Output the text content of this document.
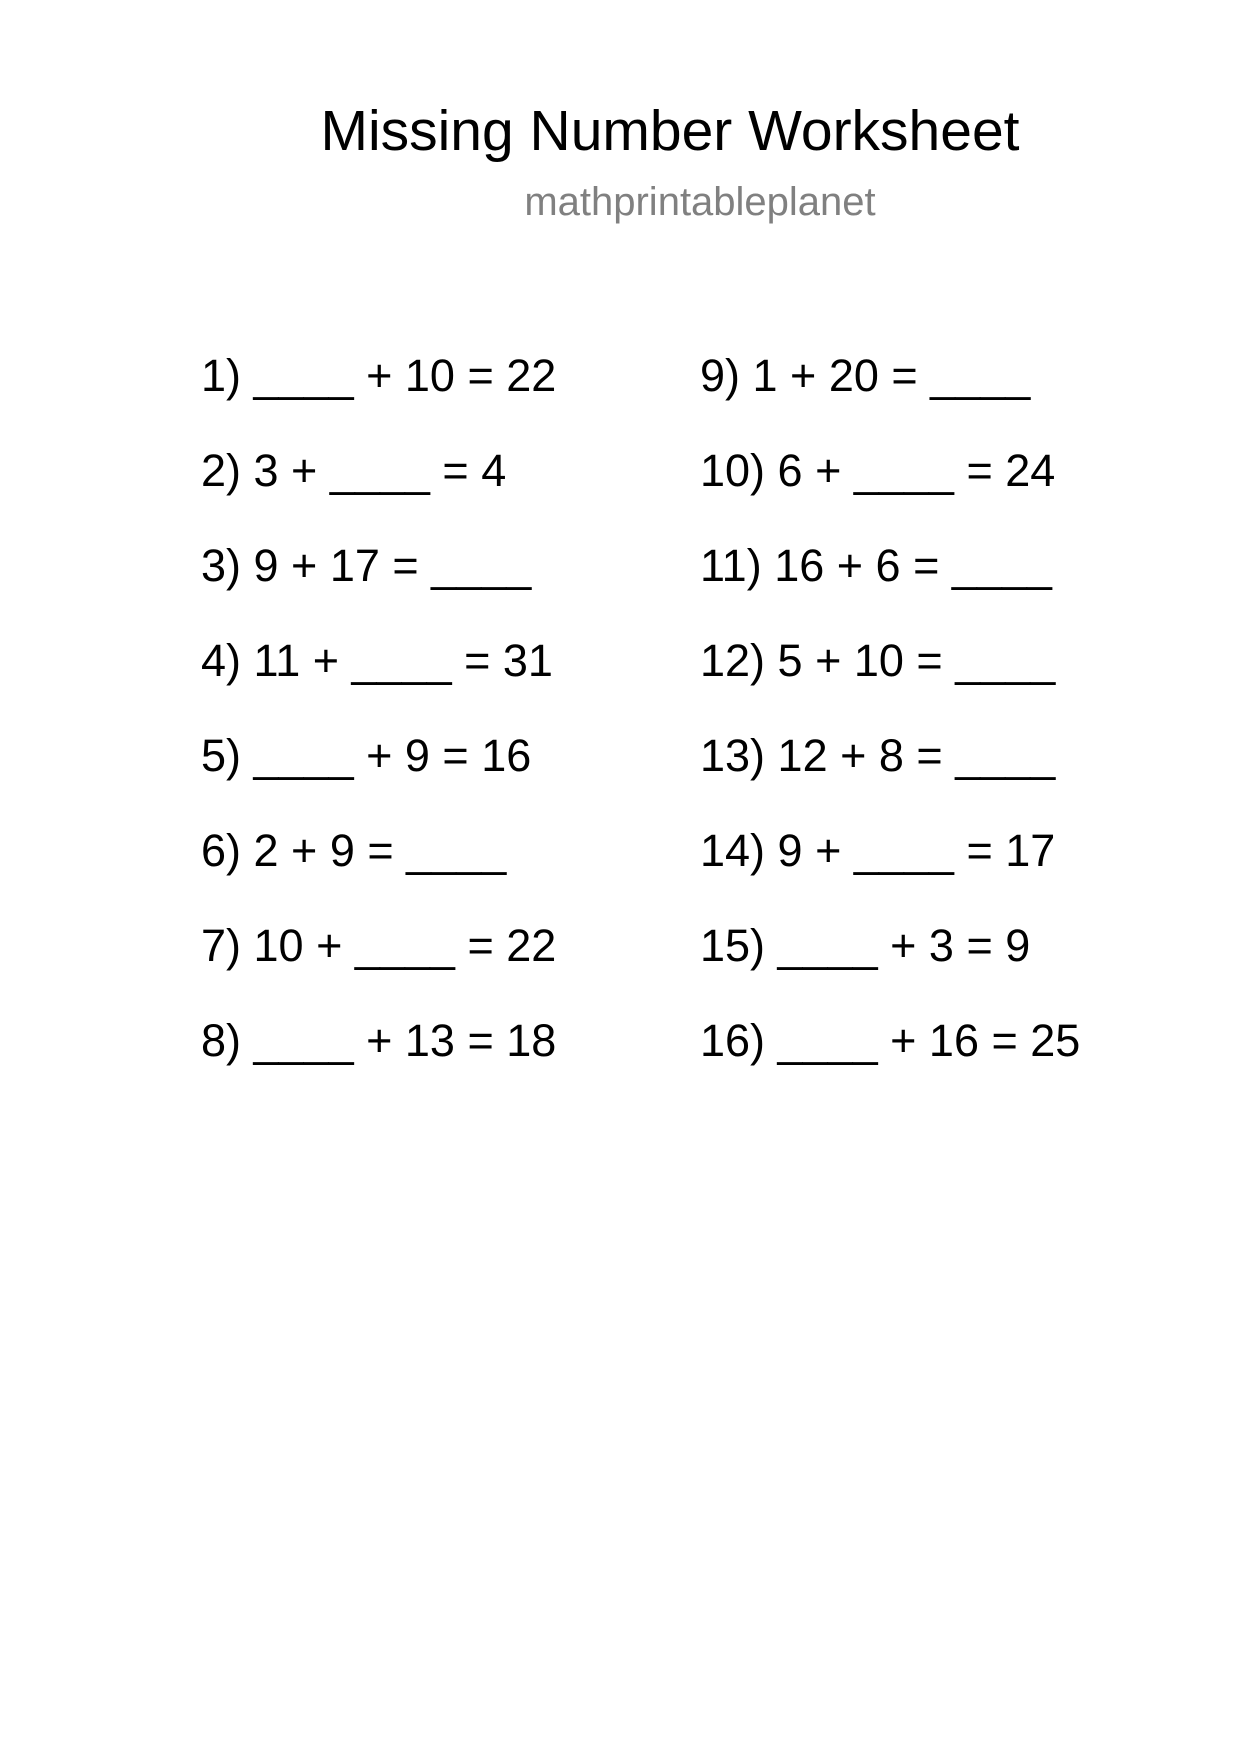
Missing Number Worksheet
mathprintableplanet
1) ____ + 10 = 22
2) 3 + ____ = 4
3) 9 + 17 = ____
4) 11 + ____ = 31
5) ____ + 9 = 16
6) 2 + 9 = ____
7) 10 + ____ = 22
8) ____ + 13 = 18
9) 1 + 20 = ____
10) 6 + ____ = 24
11) 16 + 6 = ____
12) 5 + 10 = ____
13) 12 + 8 = ____
14) 9 + ____ = 17
15) ____ + 3 = 9
16) ____ + 16 = 25
